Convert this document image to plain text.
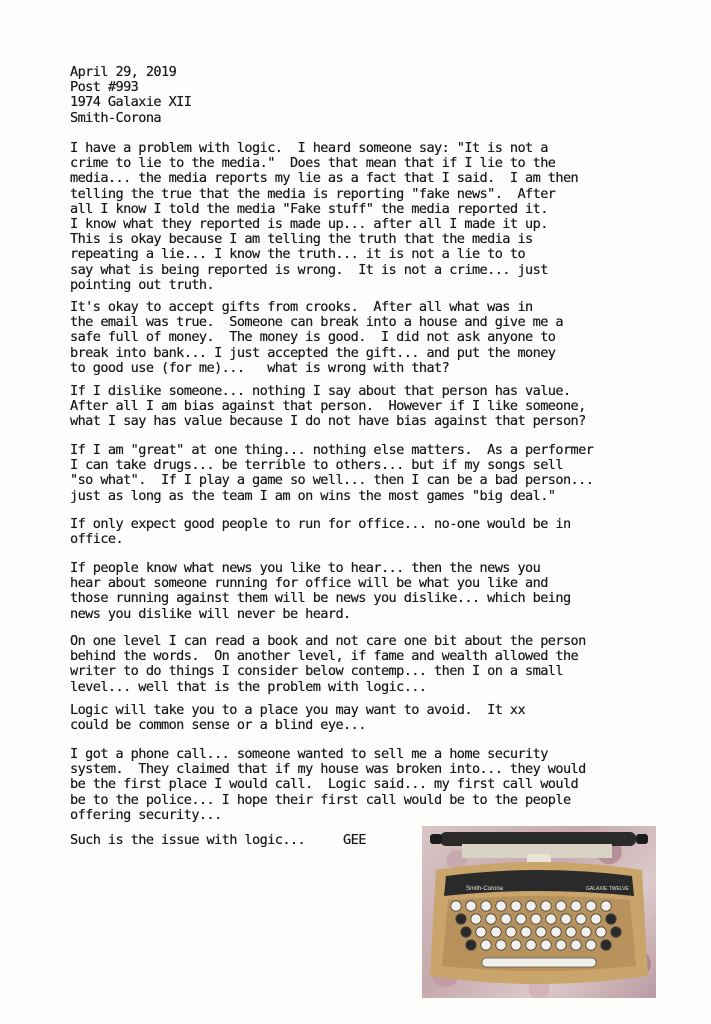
April 29, 2019
Post #993
1974 Galaxie XII
Smith-Corona
I have a problem with logic.  I heard someone say: "It is not a
crime to lie to the media."  Does that mean that if I lie to the
media... the media reports my lie as a fact that I said.  I am then
telling the true that the media is reporting "fake news".  After
all I know I told the media "Fake stuff" the media reported it.
I know what they reported is made up... after all I made it up.
This is okay because I am telling the truth that the media is
repeating a lie... I know the truth... it is not a lie to to
say what is being reported is wrong.  It is not a crime... just
pointing out truth.
It's okay to accept gifts from crooks.  After all what was in
the email was true.  Someone can break into a house and give me a
safe full of money.  The money is good.  I did not ask anyone to
break into bank... I just accepted the gift... and put the money
to good use (for me)...   what is wrong with that?
If I dislike someone... nothing I say about that person has value.
After all I am bias against that person.  However if I like someone,
what I say has value because I do not have bias against that person?
If I am "great" at one thing... nothing else matters.  As a performer
I can take drugs... be terrible to others... but if my songs sell
"so what".  If I play a game so well... then I can be a bad person...
just as long as the team I am on wins the most games "big deal."
If only expect good people to run for office... no-one would be in
office.
If people know what news you like to hear... then the news you
hear about someone running for office will be what you like and
those running against them will be news you dislike... which being
news you dislike will never be heard.
On one level I can read a book and not care one bit about the person
behind the words.  On another level, if fame and wealth allowed the
writer to do things I consider below contemp... then I on a small
level... well that is the problem with logic...
Logic will take you to a place you may want to avoid.  It xx
could be common sense or a blind eye...
I got a phone call... someone wanted to sell me a home security
system.  They claimed that if my house was broken into... they would
be the first place I would call.  Logic said... my first call would
be to the police... I hope their first call would be to the people
offering security...
Such is the issue with logic...     GEE
Smith-Corona	GALAXIE TWELVE
